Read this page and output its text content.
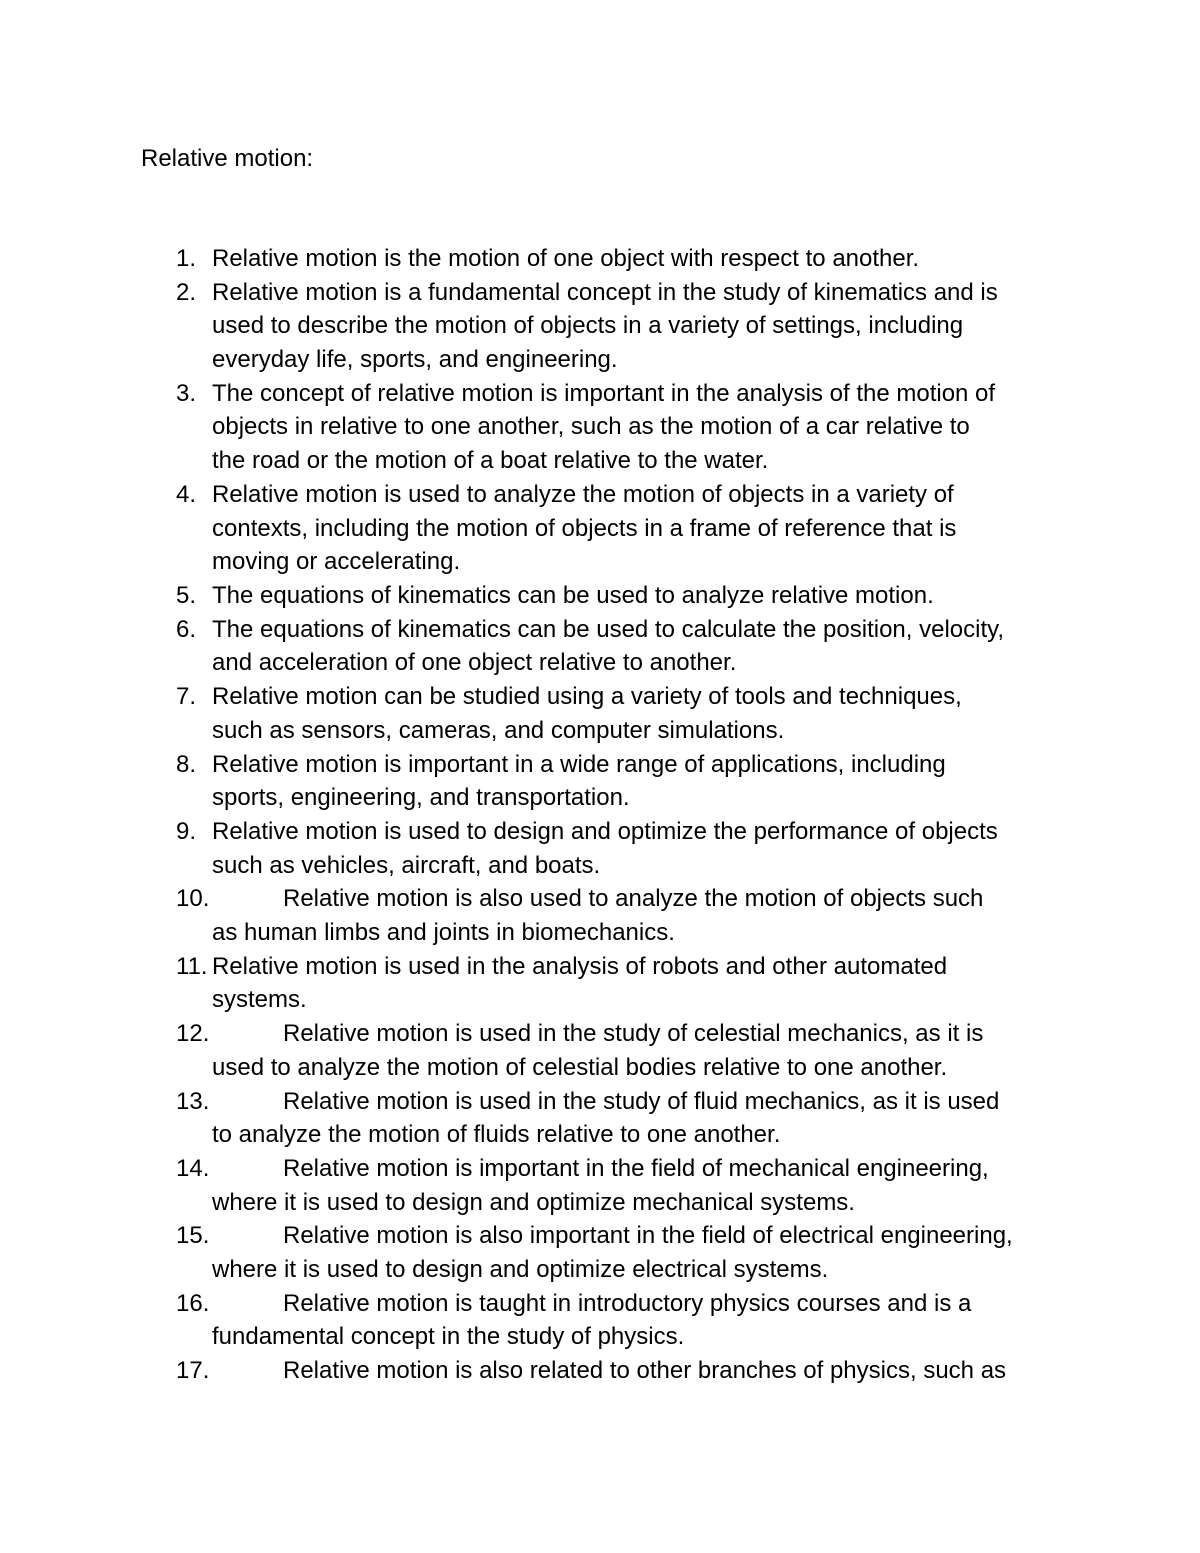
Relative motion:
1. Relative motion is the motion of one object with respect to another.
2. Relative motion is a fundamental concept in the study of kinematics and is
used to describe the motion of objects in a variety of settings, including
everyday life, sports, and engineering.
3. The concept of relative motion is important in the analysis of the motion of
objects in relative to one another, such as the motion of a car relative to
the road or the motion of a boat relative to the water.
4. Relative motion is used to analyze the motion of objects in a variety of
contexts, including the motion of objects in a frame of reference that is
moving or accelerating.
5. The equations of kinematics can be used to analyze relative motion.
6. The equations of kinematics can be used to calculate the position, velocity,
and acceleration of one object relative to another.
7. Relative motion can be studied using a variety of tools and techniques,
such as sensors, cameras, and computer simulations.
8. Relative motion is important in a wide range of applications, including
sports, engineering, and transportation.
9. Relative motion is used to design and optimize the performance of objects
such as vehicles, aircraft, and boats.
10.	Relative motion is also used to analyze the motion of objects such
as human limbs and joints in biomechanics.
11. Relative motion is used in the analysis of robots and other automated
systems.
12.	Relative motion is used in the study of celestial mechanics, as it is
used to analyze the motion of celestial bodies relative to one another.
13.	Relative motion is used in the study of fluid mechanics, as it is used
to analyze the motion of fluids relative to one another.
14.	Relative motion is important in the field of mechanical engineering,
where it is used to design and optimize mechanical systems.
15.	Relative motion is also important in the field of electrical engineering,
where it is used to design and optimize electrical systems.
16.	Relative motion is taught in introductory physics courses and is a
fundamental concept in the study of physics.
17.	Relative motion is also related to other branches of physics, such as
